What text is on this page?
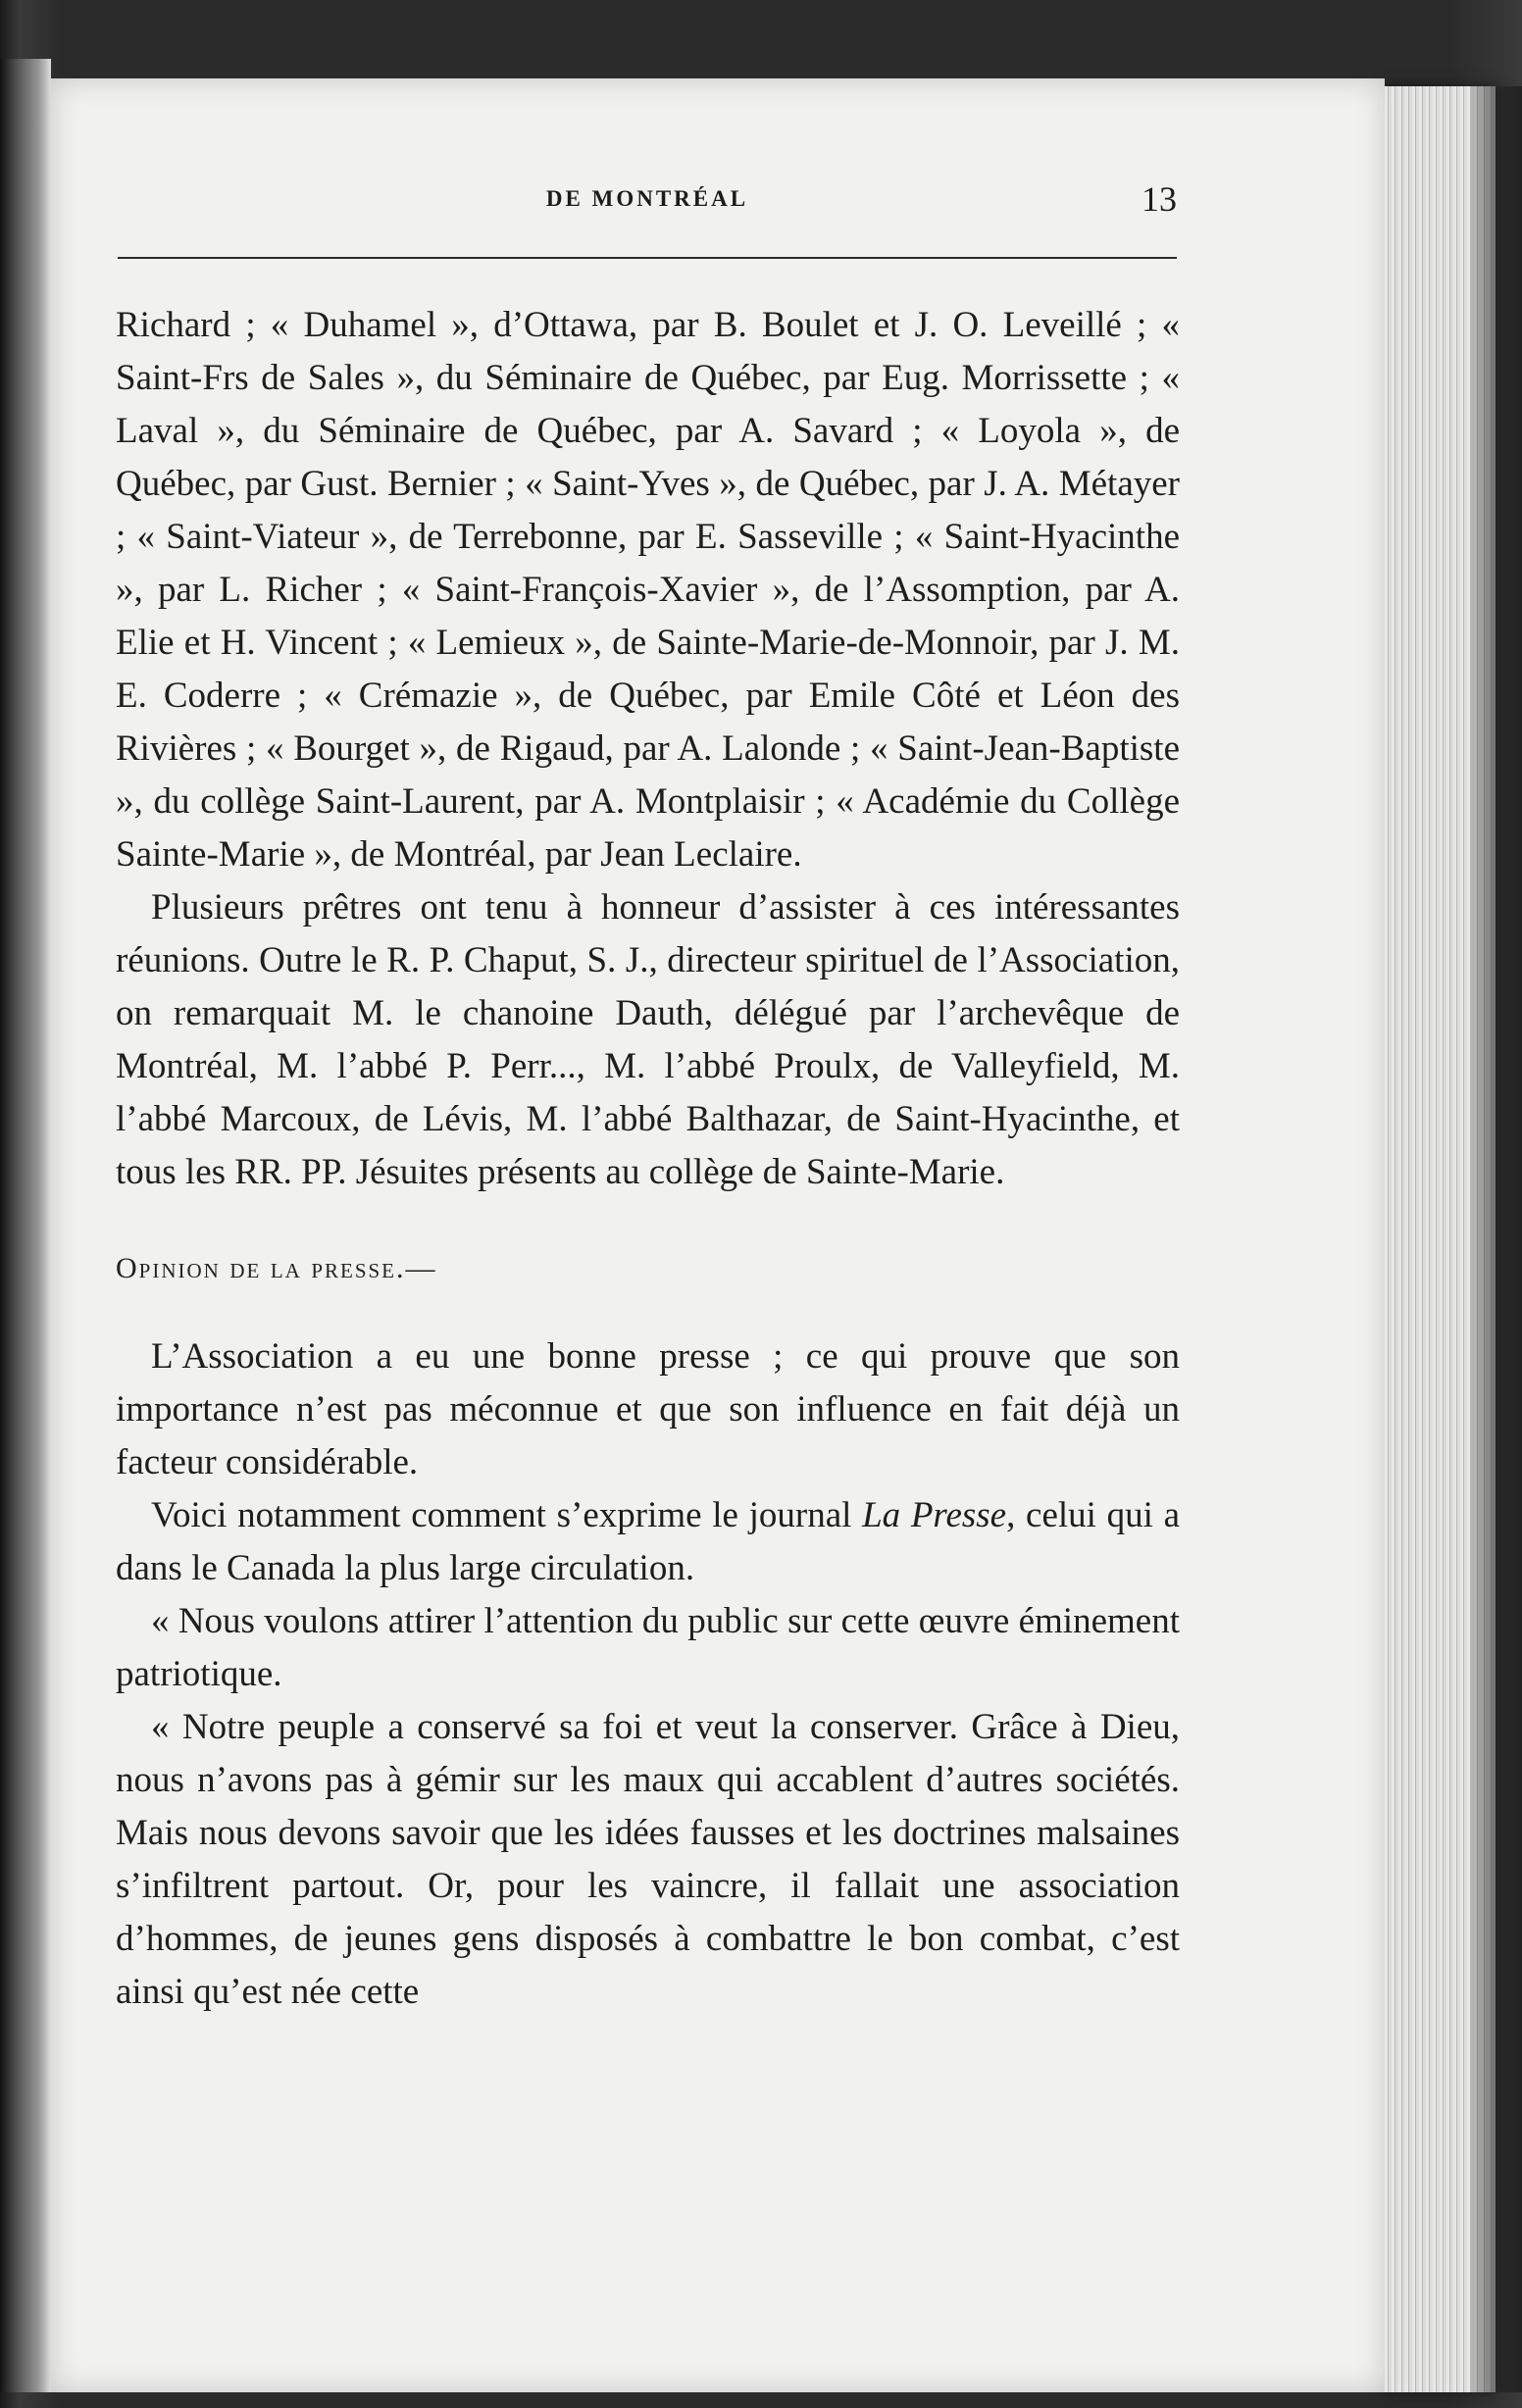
DE MONTRÉAL	13

Richard ; « Duhamel », d’Ottawa, par B. Boulet et J. O. Leveillé ; « Saint-Frs de Sales », du Séminaire de Québec, par Eug. Morrissette ; « Laval », du Séminaire de Québec, par A. Savard ; « Loyola », de Québec, par Gust. Bernier ; « Saint-Yves », de Québec, par J. A. Métayer ; « Saint-Viateur », de Terrebonne, par E. Sasseville ; « Saint-Hyacinthe », par L. Richer ; « Saint-François-Xavier », de l’Assomption, par A. Elie et H. Vincent ; « Lemieux », de Sainte-Marie-de-Monnoir, par J. M. E. Coderre ; « Crémazie », de Québec, par Emile Côté et Léon des Rivières ; « Bourget », de Rigaud, par A. Lalonde ; « Saint-Jean-Baptiste », du collège Saint-Laurent, par A. Montplaisir ; « Académie du Collège Sainte-Marie », de Montréal, par Jean Leclaire.

Plusieurs prêtres ont tenu à honneur d’assister à ces intéressantes réunions. Outre le R. P. Chaput, S. J., directeur spirituel de l’Association, on remarquait M. le chanoine Dauth, délégué par l’archevêque de Montréal, M. l’abbé P. Perr..., M. l’abbé Proulx, de Valleyfield, M. l’abbé Marcoux, de Lévis, M. l’abbé Balthazar, de Saint-Hyacinthe, et tous les RR. PP. Jésuites présents au collège de Sainte-Marie.

Opinion de la presse.—

L’Association a eu une bonne presse ; ce qui prouve que son importance n’est pas méconnue et que son influence en fait déjà un facteur considérable.

Voici notamment comment s’exprime le journal La Presse, celui qui a dans le Canada la plus large circulation.

« Nous voulons attirer l’attention du public sur cette œuvre éminement patriotique.

« Notre peuple a conservé sa foi et veut la conserver. Grâce à Dieu, nous n’avons pas à gémir sur les maux qui accablent d’autres sociétés. Mais nous devons savoir que les idées fausses et les doctrines malsaines s’infiltrent partout. Or, pour les vaincre, il fallait une association d’hommes, de jeunes gens disposés à combattre le bon combat, c’est ainsi qu’est née cette
